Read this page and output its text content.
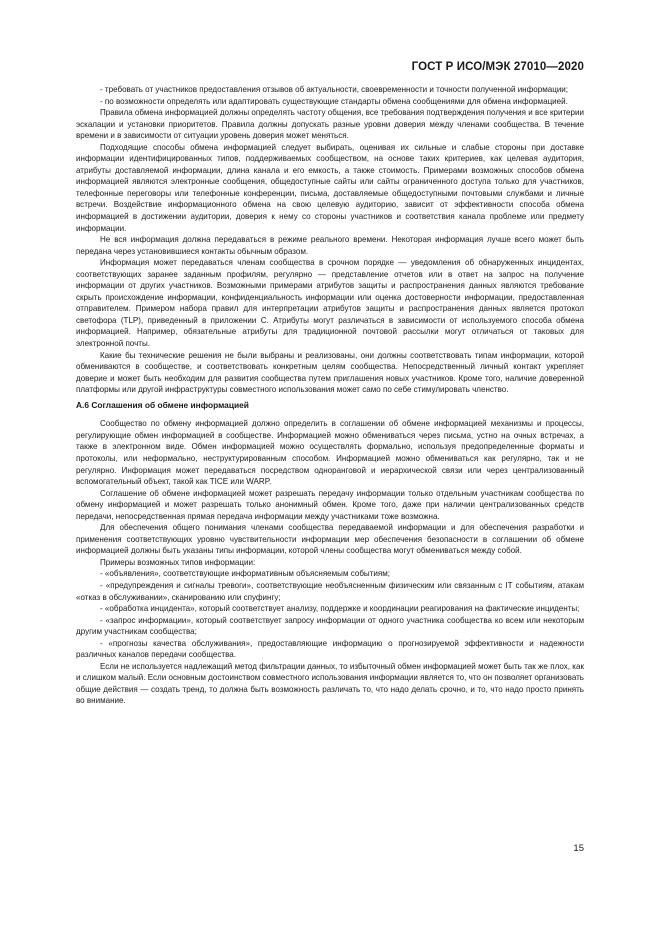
ГОСТ Р ИСО/МЭК 27010—2020

- требовать от участников предоставления отзывов об актуальности, своевременности и точности полученной информации;

- по возможности определять или адаптировать существующие стандарты обмена сообщениями для обмена информацией.

Правила обмена информацией должны определять частоту общения, все требования подтверждения получения и все критерии эскалации и установки приоритетов. Правила должны допускать разные уровни доверия между членами сообщества. В течение времени и в зависимости от ситуации уровень доверия может меняться.

Подходящие способы обмена информацией следует выбирать, оценивая их сильные и слабые стороны при доставке информации идентифицированных типов, поддерживаемых сообществом, на основе таких критериев, как целевая аудитория, атрибуты доставляемой информации, длина канала и его емкость, а также стоимость. Примерами возможных способов обмена информацией являются электронные сообщения, общедоступные сайты или сайты ограниченного доступа только для участников, телефонные переговоры или телефонные конференции, письма, доставляемые общедоступными почтовыми службами и личные встречи. Воздействие информационного обмена на свою целевую аудиторию, зависит от эффективности способа обмена информацией в достижении аудитории, доверия к нему со стороны участников и соответствия канала проблеме или предмету информации.

Не вся информация должна передаваться в режиме реального времени. Некоторая информация лучше всего может быть передана через установившиеся контакты обычным образом.

Информация может передаваться членам сообщества в срочном порядке — уведомления об обнаруженных инцидентах, соответствующих заранее заданным профилям, регулярно — представление отчетов или в ответ на запрос на получение информации от других участников. Возможными примерами атрибутов защиты и распространения данных являются требование скрыть происхождение информации, конфиденциальность информации или оценка достоверности информации, предоставленная отправителем. Примером набора правил для интерпретации атрибутов защиты и распространения данных является протокол светофора (TLP), приведенный в приложении С. Атрибуты могут различаться в зависимости от используемого способа обмена информацией. Например, обязательные атрибуты для традиционной почтовой рассылки могут отличаться от таковых для электронной почты.

Какие бы технические решения не были выбраны и реализованы, они должны соответствовать типам информации, которой обмениваются в сообществе, и соответствовать конкретным целям сообщества. Непосредственный личный контакт укрепляет доверие и может быть необходим для развития сообщества путем приглашения новых участников. Кроме того, наличие доверенной платформы или другой инфраструктуры совместного использования может само по себе стимулировать членство.

А.6 Соглашения об обмене информацией

Сообщество по обмену информацией должно определить в соглашении об обмене информацией механизмы и процессы, регулирующие обмен информацией в сообществе. Информацией можно обмениваться через письма, устно на очных встречах, а также в электронном виде. Обмен информацией можно осуществлять формально, используя предопределенные форматы и протоколы, или неформально, неструктурированным способом. Информацией можно обмениваться как регулярно, так и не регулярно. Информация может передаваться посредством одноранговой и иерархической связи или через централизованный вспомогательный объект, такой как TICE или WARP.

Соглашение об обмене информацией может разрешать передачу информации только отдельным участникам сообщества по обмену информацией и может разрешать только анонимный обмен. Кроме того, даже при наличии централизованных средств передачи, непосредственная прямая передача информации между участниками тоже возможна.

Для обеспечения общего понимания членами сообщества передаваемой информации и для обеспечения разработки и применения соответствующих уровню чувствительности информации мер обеспечения безопасности в соглашении об обмене информацией должны быть указаны типы информации, которой члены сообщества могут обмениваться между собой.

Примеры возможных типов информации:

- «объявления», соответствующие информативным объясняемым событиям;

- «предупреждения и сигналы тревоги», соответствующие необъясненным физическим или связанным с IT событиям, атакам «отказ в обслуживании», сканированию или спуфингу;

- «обработка инцидента», который соответствует анализу, поддержке и координации реагирования на фактические инциденты;

- «запрос информации», который соответствует запросу информации от одного участника сообщества ко всем или некоторым другим участникам сообщества;

- «прогнозы качества обслуживания», предоставляющие информацию о прогнозируемой эффективности и надежности различных каналов передачи сообщества.

Если не используется надлежащий метод фильтрации данных, то избыточный обмен информацией может быть так же плох, как и слишком малый. Если основным достоинством совместного использования информации является то, что он позволяет организовать общие действия — создать тренд, то должна быть возможность различать то, что надо делать срочно, и то, что надо просто принять во внимание.

15
